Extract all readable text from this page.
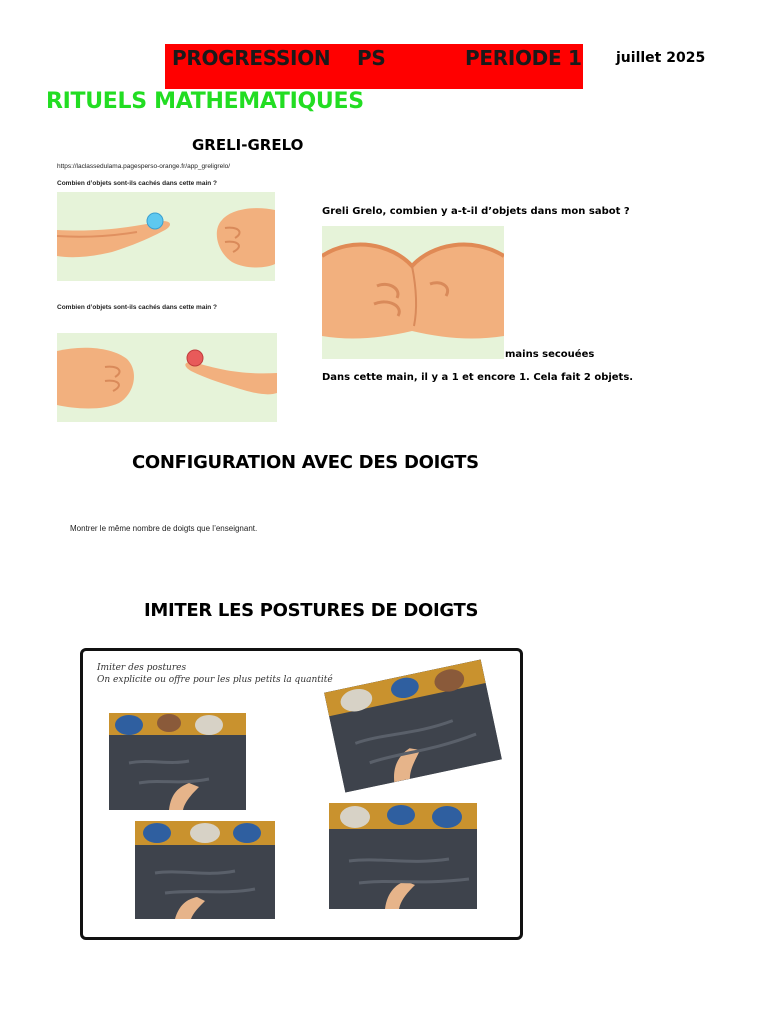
PROGRESSION PS	PERIODE 1 juillet 2025
RITUELS MATHEMATIQUES
GRELI-GRELO
https://laclassedulama.pagesperso-orange.fr/app_greligrelo/
Combien d’objets sont-ils cachés dans cette main ?
Combien d’objets sont-ils cachés dans cette main ?
Greli Grelo, combien y a-t-il d’objets dans mon sabot ?
mains secouées
Dans cette main, il y a 1 et encore 1. Cela fait 2 objets.
CONFIGURATION AVEC DES DOIGTS
Montrer le même nombre de doigts que l’enseignant.
IMITER LES POSTURES DE DOIGTS
Imiter des postures
On explicite ou offre pour les plus petits la quantité
